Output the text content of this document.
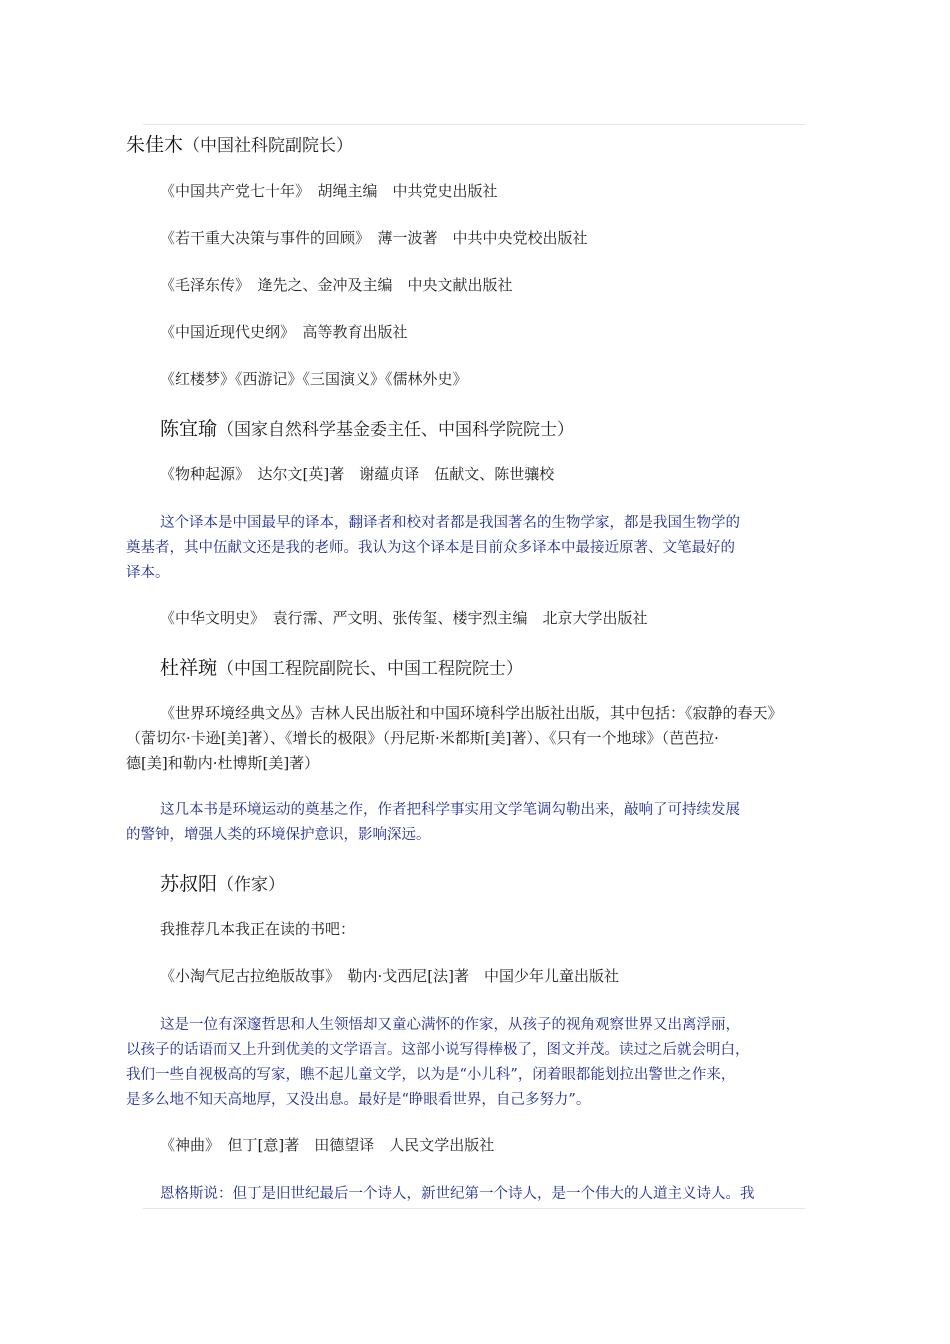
朱佳木（中国社科院副院长）
《中国共产党七十年》　胡绳主编　中共党史出版社
《若干重大决策与事件的回顾》　薄一波著　中共中央党校出版社
《毛泽东传》　逄先之、金冲及主编　中央文献出版社
《中国近现代史纲》　高等教育出版社
《红楼梦》《西游记》《三国演义》《儒林外史》
陈宜瑜（国家自然科学基金委主任、中国科学院院士）
《物种起源》　达尔文[英]著　谢蕴贞译　伍献文、陈世骧校
这个译本是中国最早的译本，翻译者和校对者都是我国著名的生物学家，都是我国生物学的
奠基者，其中伍献文还是我的老师。我认为这个译本是目前众多译本中最接近原著、文笔最好的
译本。
《中华文明史》　袁行霈、严文明、张传玺、楼宇烈主编　北京大学出版社
杜祥琬（中国工程院副院长、中国工程院院士）
《世界环境经典文丛》吉林人民出版社和中国环境科学出版社出版，其中包括：《寂静的春天》
（蕾切尔·卡逊[美]著）、《增长的极限》（丹尼斯·米都斯[美]著）、《只有一个地球》（芭芭拉·
德[美]和勒内·杜博斯[美]著）
这几本书是环境运动的奠基之作，作者把科学事实用文学笔调勾勒出来，敲响了可持续发展
的警钟，增强人类的环境保护意识，影响深远。
苏叔阳（作家）
我推荐几本我正在读的书吧：
《小淘气尼古拉绝版故事》　勒内·戈西尼[法]著　中国少年儿童出版社
这是一位有深邃哲思和人生领悟却又童心满怀的作家，从孩子的视角观察世界又出离浮丽，
以孩子的话语而又上升到优美的文学语言。这部小说写得棒极了，图文并茂。读过之后就会明白，
我们一些自视极高的写家，瞧不起儿童文学，以为是“小儿科”，闭着眼都能划拉出警世之作来，
是多么地不知天高地厚，又没出息。最好是“睁眼看世界，自己多努力”。
《神曲》　但丁[意]著　田德望译　人民文学出版社
恩格斯说：但丁是旧世纪最后一个诗人，新世纪第一个诗人，是一个伟大的人道主义诗人。我
